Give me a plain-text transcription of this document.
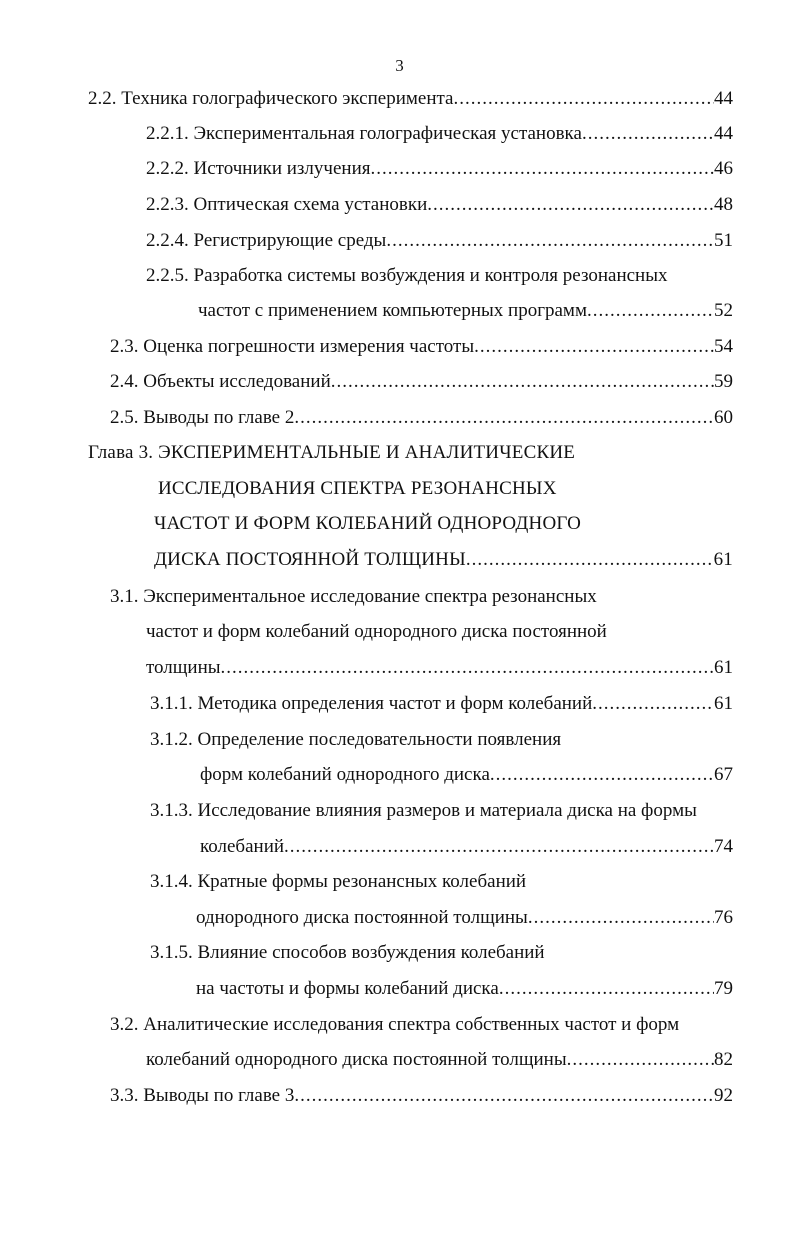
3
2.2. Техника голографического эксперимента .....	44
2.2.1. Экспериментальная голографическая установка .....	44
2.2.2. Источники излучения .....	46
2.2.3. Оптическая схема установки .....	48
2.2.4. Регистрирующие среды .....	51
2.2.5. Разработка системы возбуждения и контроля резонансных
частот с применением компьютерных программ .....	52
2.3. Оценка погрешности измерения частоты .....	54
2.4. Объекты исследований .....	59
2.5. Выводы по главе 2 .....	60
Глава 3. ЭКСПЕРИМЕНТАЛЬНЫЕ И АНАЛИТИЧЕСКИЕ
ИССЛЕДОВАНИЯ СПЕКТРА РЕЗОНАНСНЫХ
ЧАСТОТ И ФОРМ КОЛЕБАНИЙ ОДНОРОДНОГО
ДИСКА ПОСТОЯННОЙ ТОЛЩИНЫ .....	61
3.1. Экспериментальное исследование спектра резонансных
частот и форм колебаний однородного диска постоянной
толщины .....	61
3.1.1. Методика определения частот и форм колебаний .....	61
3.1.2. Определение последовательности появления
форм колебаний однородного диска .....	67
3.1.3. Исследование влияния размеров и материала диска на формы
колебаний .....	74
3.1.4. Кратные формы резонансных колебаний
однородного диска постоянной толщины .....	76
3.1.5. Влияние способов возбуждения колебаний
на частоты и формы колебаний диска .....	79
3.2. Аналитические исследования спектра собственных частот и форм
колебаний однородного диска постоянной толщины .....	82
3.3. Выводы по главе 3 .....	92
